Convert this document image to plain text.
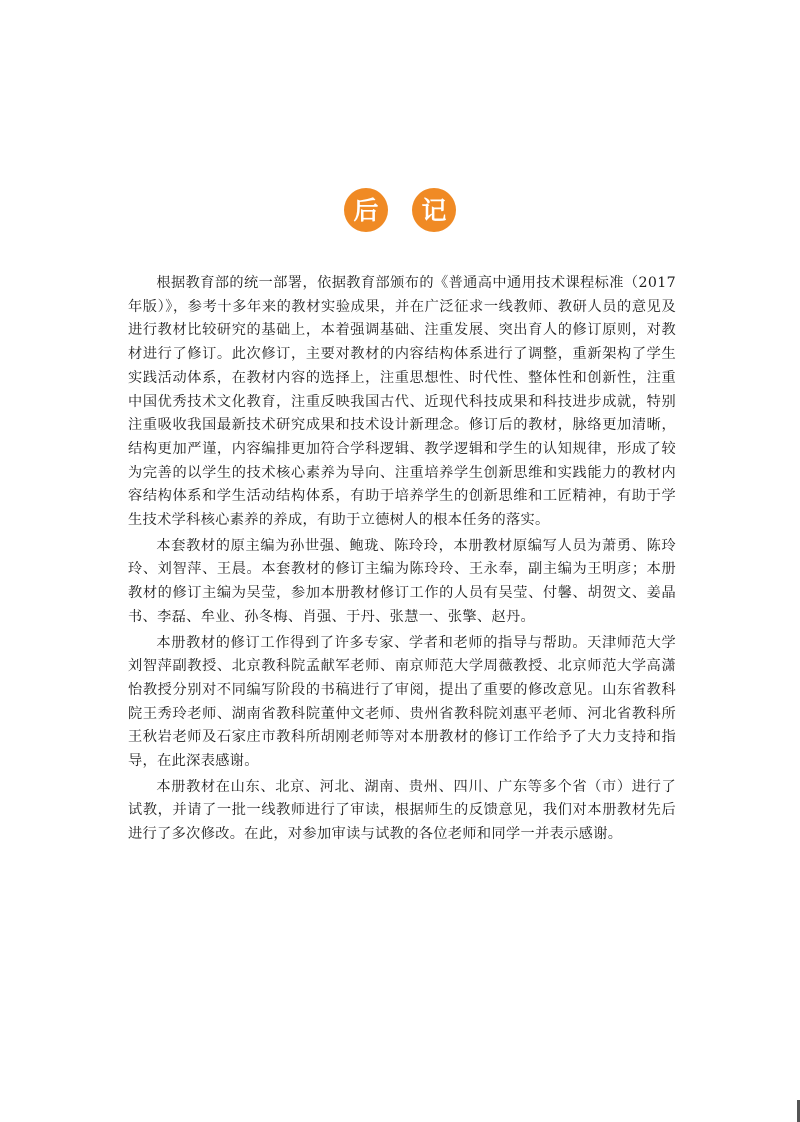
后	记

根据教育部的统一部署，依据教育部颁布的《普通高中通用技术课程标准（2017年版）》，参考十多年来的教材实验成果，并在广泛征求一线教师、教研人员的意见及进行教材比较研究的基础上，本着强调基础、注重发展、突出育人的修订原则，对教材进行了修订。此次修订，主要对教材的内容结构体系进行了调整，重新架构了学生实践活动体系，在教材内容的选择上，注重思想性、时代性、整体性和创新性，注重中国优秀技术文化教育，注重反映我国古代、近现代科技成果和科技进步成就，特别注重吸收我国最新技术研究成果和技术设计新理念。修订后的教材，脉络更加清晰，结构更加严谨，内容编排更加符合学科逻辑、教学逻辑和学生的认知规律，形成了较为完善的以学生的技术核心素养为导向、注重培养学生创新思维和实践能力的教材内容结构体系和学生活动结构体系，有助于培养学生的创新思维和工匠精神，有助于学生技术学科核心素养的养成，有助于立德树人的根本任务的落实。

本套教材的原主编为孙世强、鲍珑、陈玲玲，本册教材原编写人员为萧勇、陈玲玲、刘智萍、王晨。本套教材的修订主编为陈玲玲、王永奉，副主编为王明彦；本册教材的修订主编为吴莹，参加本册教材修订工作的人员有吴莹、付馨、胡贺文、姜晶书、李磊、牟业、孙冬梅、肖强、于丹、张慧一、张擎、赵丹。

本册教材的修订工作得到了许多专家、学者和老师的指导与帮助。天津师范大学刘智萍副教授、北京教科院孟献军老师、南京师范大学周薇教授、北京师范大学高潇怡教授分别对不同编写阶段的书稿进行了审阅，提出了重要的修改意见。山东省教科院王秀玲老师、湖南省教科院董仲文老师、贵州省教科院刘惠平老师、河北省教科所王秋岩老师及石家庄市教科所胡刚老师等对本册教材的修订工作给予了大力支持和指导，在此深表感谢。

本册教材在山东、北京、河北、湖南、贵州、四川、广东等多个省（市）进行了试教，并请了一批一线教师进行了审读，根据师生的反馈意见，我们对本册教材先后进行了多次修改。在此，对参加审读与试教的各位老师和同学一并表示感谢。
